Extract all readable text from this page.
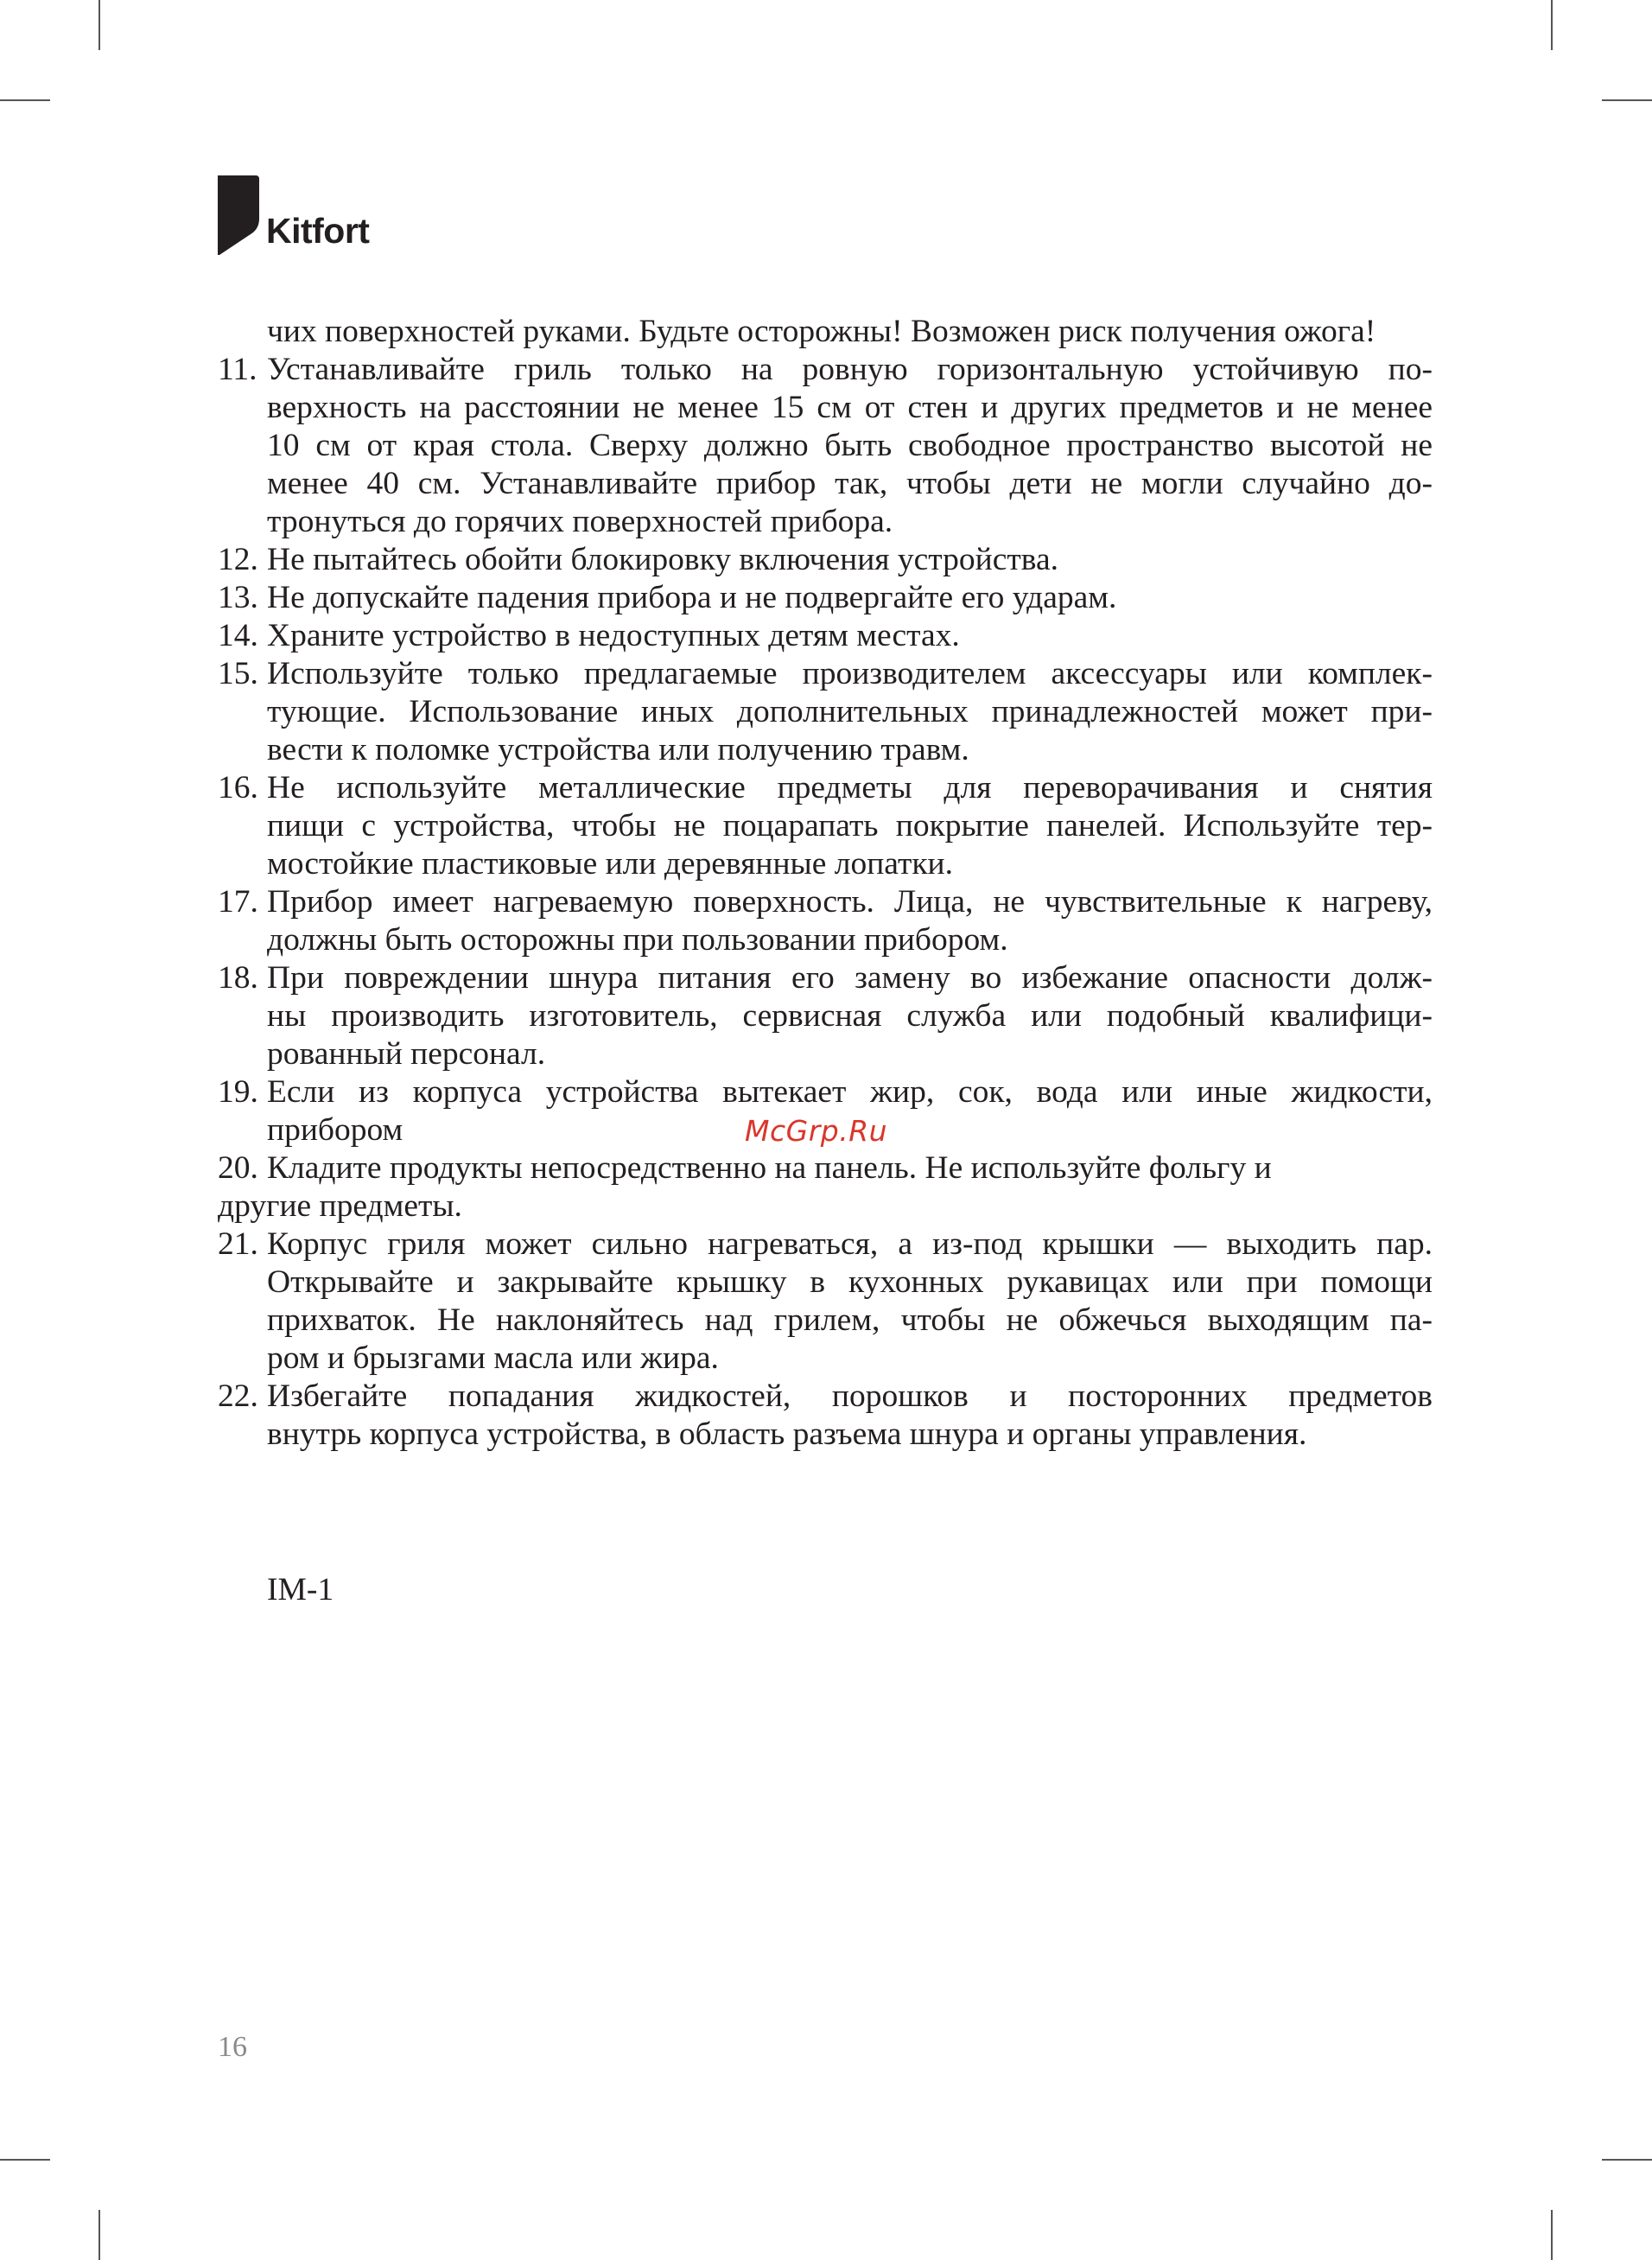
Kitfort
чих поверхностей руками. Будьте осторожны! Возможен риск получения ожога!
11. Устанавливайте гриль только на ровную горизонтальную устойчивую по-
верхность на расстоянии не менее 15 см от стен и других предметов и не менее
10 см от края стола. Сверху должно быть свободное пространство высотой не
менее 40 см. Устанавливайте прибор так, чтобы дети не могли случайно до-
тронуться до горячих поверхностей прибора.
12. Не пытайтесь обойти блокировку включения устройства.
13. Не допускайте падения прибора и не подвергайте его ударам.
14. Храните устройство в недоступных детям местах.
15. Используйте только предлагаемые производителем аксессуары или комплек-
тующие. Использование иных дополнительных принадлежностей может при-
вести к поломке устройства или получению травм.
16. Не используйте металлические предметы для переворачивания и снятия
пищи с устройства, чтобы не поцарапать покрытие панелей. Используйте тер-
мостойкие пластиковые или деревянные лопатки.
17. Прибор имеет нагреваемую поверхность. Лица, не чувствительные к нагреву,
должны быть осторожны при пользовании прибором.
18. При повреждении шнура питания его замену во избежание опасности долж-
ны производить изготовитель, сервисная служба или подобный квалифици-
рованный персонал.
19. Если из корпуса устройства вытекает жир, сок, вода или иные жидкости,
прибором
20. Кладите продукты непосредственно на панель. Не используйте фольгу и
другие предметы.
21. Корпус гриля может сильно нагреваться, а из-под крышки — выходить пар.
Открывайте и закрывайте крышку в кухонных рукавицах или при помощи
прихваток. Не наклоняйтесь над грилем, чтобы не обжечься выходящим па-
ром и брызгами масла или жира.
22. Избегайте попадания жидкостей, порошков и посторонних предметов
внутрь корпуса устройства, в область разъема шнура и органы управления.
McGrp.Ru
IM-1
16
